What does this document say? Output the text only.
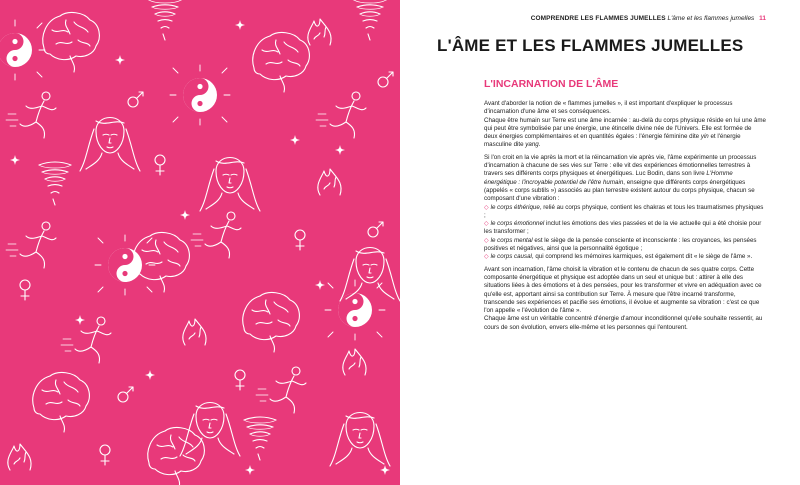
COMPRENDRE LES FLAMMES JUMELLES L'âme et les flammes jumelles 11
L'ÂME ET LES FLAMMES JUMELLES
L'INCARNATION DE L'ÂME

Avant d'aborder la notion de « flammes jumelles », il est important d'expliquer le processus d'incarnation d'une âme et ses conséquences.

Chaque être humain sur Terre est une âme incarnée : au-delà du corps physique réside en lui une âme qui peut être symbolisée par une énergie, une étincelle divine née de l'Univers. Elle est formée de deux énergies complémentaires et en quantités égales : l'énergie féminine dite yin et l'énergie masculine dite yang.

Si l'on croit en la vie après la mort et la réincarnation vie après vie, l'âme expérimente un processus d'incarnation à chacune de ses vies sur Terre : elle vit des expériences émotionnelles terrestres à travers ses différents corps physiques et énergétiques. Luc Bodin, dans son livre L'Homme énergétique : l'incroyable potentiel de l'être humain, enseigne que différents corps énergétiques (appelés « corps subtils ») associés au plan terrestre existent autour du corps physique, chacun se composant d'une vibration :

◇ le corps éthérique, relié au corps physique, contient les chakras et tous les traumatismes physiques ;
◇ le corps émotionnel inclut les émotions des vies passées et de la vie actuelle qui a été choisie pour les transformer ;
◇ le corps mental est le siège de la pensée consciente et inconsciente : les croyances, les pensées positives et négatives, ainsi que la personnalité égotique ;
◇ le corps causal, qui comprend les mémoires karmiques, est également dit « le siège de l'âme ».

Avant son incarnation, l'âme choisit la vibration et le contenu de chacun de ses quatre corps. Cette composante énergétique et physique est adoptée dans un seul et unique but : attirer à elle des situations liées à des émotions et à des pensées, pour les transformer et vivre en adéquation avec ce qu'elle est, apportant ainsi sa contribution sur Terre. À mesure que l'être incarné transforme, transcende ses expériences et pacifie ses émotions, il évolue et augmente sa vibration : c'est ce que l'on appelle « l'évolution de l'âme ».

Chaque âme est un véritable concentré d'énergie d'amour inconditionnel qu'elle souhaite ressentir, au cours de son évolution, envers elle-même et les personnes qui l'entourent.
